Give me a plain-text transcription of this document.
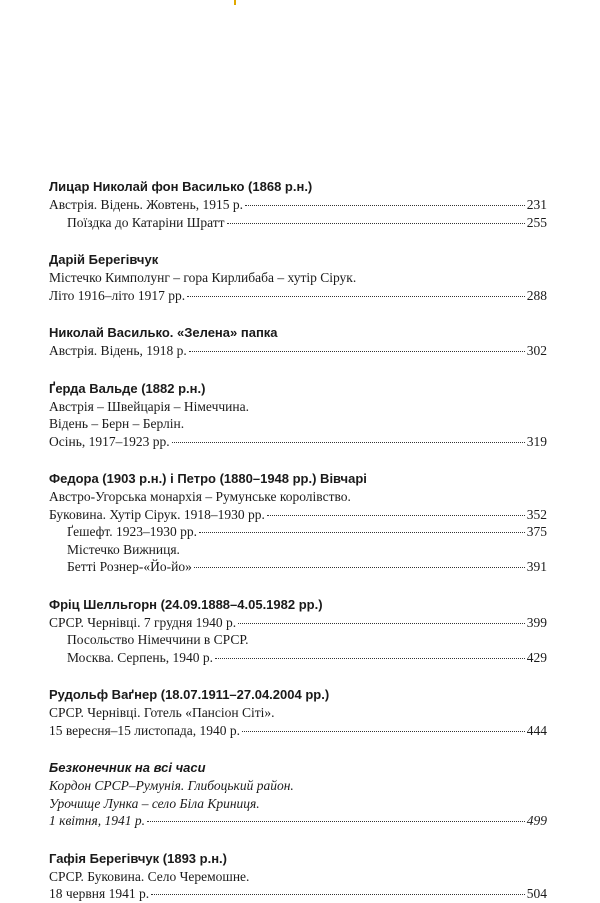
Лицар Николай фон Василько (1868 р.н.)
Австрія. Відень. Жовтень, 1915 р.	231
Поїздка до Катаріни Шратт	255
Дарій Берегівчук
Містечко Кимполунг – гора Кирлибаба – хутір Сірук.
Літо 1916–літо 1917 рр.	288
Николай Василько. «Зелена» папка
Австрія. Відень, 1918 р.	302
Ґерда Вальде (1882 р.н.)
Австрія – Швейцарія – Німеччина.
Відень – Берн – Берлін.
Осінь, 1917–1923 рр.	319
Федора (1903 р.н.) і Петро (1880–1948 рр.) Вівчарі
Австро-Угорська монархія – Румунське королівство.
Буковина. Хутір Сірук. 1918–1930 рр.	352
Ґешефт. 1923–1930 рр.	375
Містечко Вижниця.
Бетті Рознер-«Йо-йо»	391
Фріц Шелльгорн (24.09.1888–4.05.1982 рр.)
СРСР. Чернівці. 7 грудня 1940 р.	399
Посольство Німеччини в СРСР.
Москва. Серпень, 1940 р.	429
Рудольф Ваґнер (18.07.1911–27.04.2004 рр.)
СРСР. Чернівці. Готель «Пансіон Сіті».
15 вересня–15 листопада, 1940 р.	444
Безконечник на всі часи
Кордон СРСР–Румунія. Глибоцький район.
Урочище Лунка – село Біла Криниця.
1 квітня, 1941 р.	499
Гафія Берегівчук (1893 р.н.)
СРСР. Буковина. Село Черемошне.
18 червня 1941 р.	504
